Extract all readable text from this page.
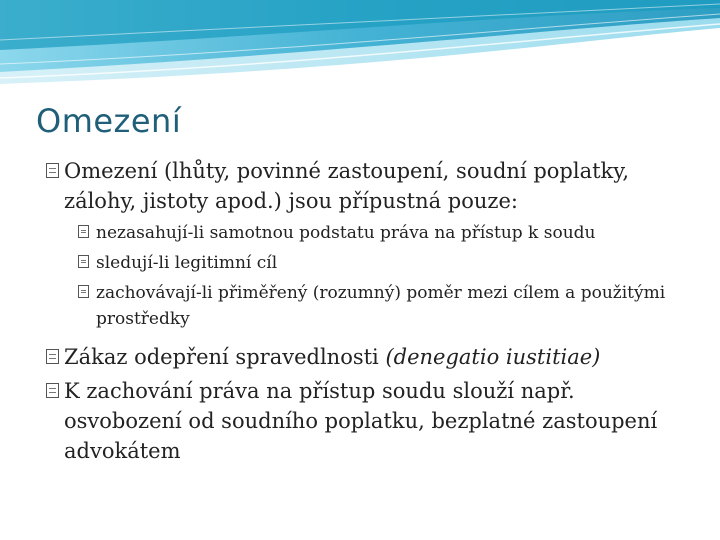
Omezení
Omezení (lhůty, povinné zastoupení, soudní poplatky, zálohy, jistoty apod.) jsou přípustná pouze:
nezasahují-li samotnou podstatu práva na přístup k soudu
sledují-li legitimní cíl
zachovávají-li přiměřený (rozumný) poměr mezi cílem a použitými prostředky
Zákaz odepření spravedlnosti (denegatio iustitiae)
K zachování práva na přístup soudu slouží např. osvobození od soudního poplatku, bezplatné zastoupení advokátem
